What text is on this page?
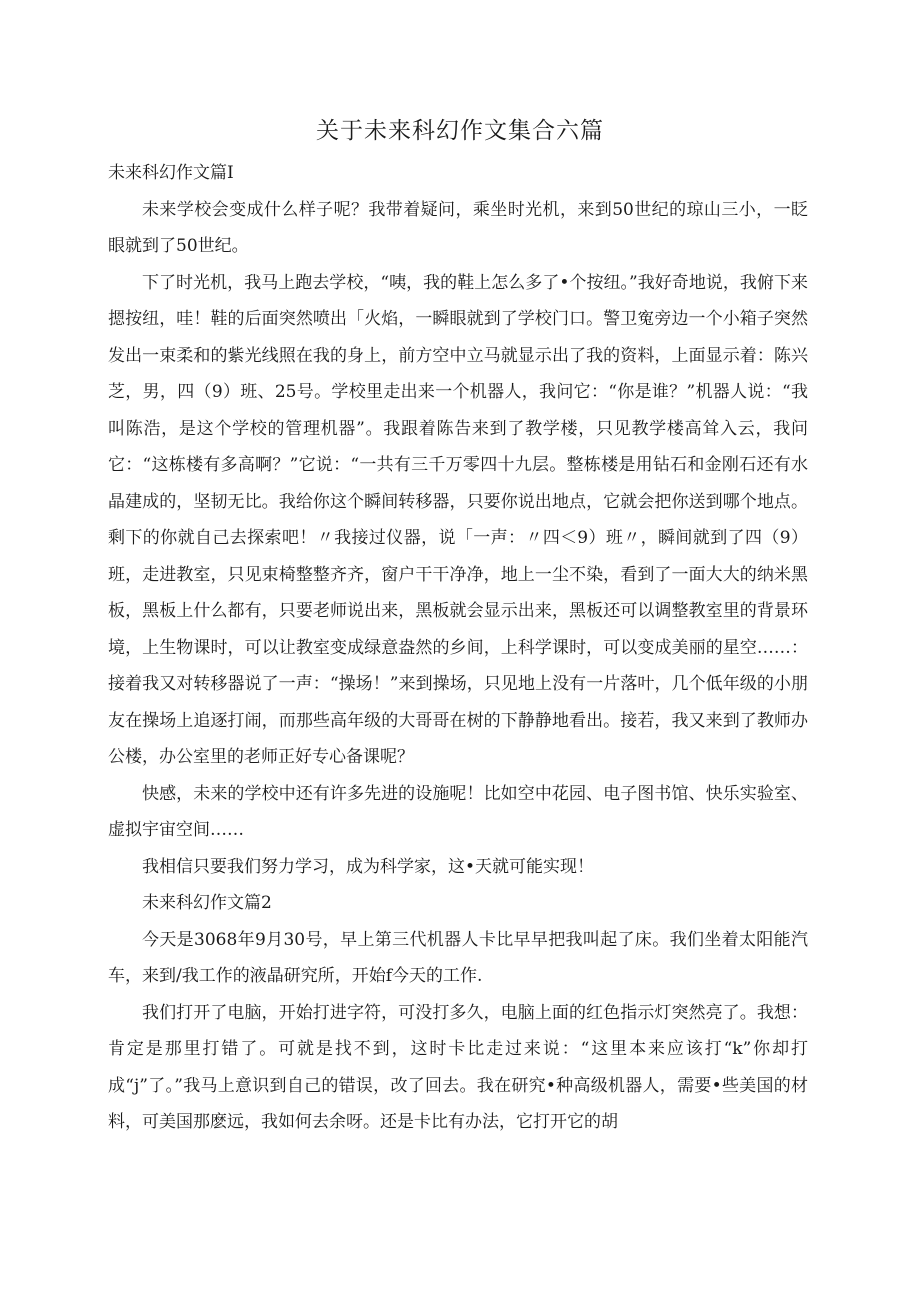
关于未来科幻作文集合六篇

未来科幻作文篇I

未来学校会变成什么样子呢？我带着疑问，乘坐时光机，来到50世纪的琼山三小，一眨眼就到了50世纪。

下了时光机，我马上跑去学校，“咦，我的鞋上怎么多了•个按纽。”我好奇地说，我俯下来摁按纽，哇！鞋的后面突然喷出「火焰，一瞬眼就到了学校门口。警卫寃旁边一个小箱子突然发出一束柔和的紫光线照在我的身上，前方空中立马就显示出了我的资料，上面显示着：陈兴芝，男，四（9）班、25号。学校里走出来一个机器人，我问它：“你是谁？”机器人说：“我叫陈浩，是这个学校的管理机器”。我跟着陈告来到了教学楼，只见教学楼高耸入云，我问它：“这栋楼有多高啊？”它说：“一共有三千万零四十九层。整栋楼是用钻石和金刚石还有水晶建成的，坚韧无比。我给你这个瞬间转移器，只要你说出地点，它就会把你送到哪个地点。剩下的你就自己去探索吧！〃我接过仪器，说「一声：〃四＜9）班〃，瞬间就到了四（9）班，走进教室，只见束椅整整齐齐，窗户干干净净，地上一尘不染，看到了一面大大的纳米黑板，黑板上什么都有，只要老师说出来，黑板就会显示出来，黑板还可以调整教室里的背景环境，上生物课时，可以让教室变成绿意盎然的乡间，上科学课时，可以变成美丽的星空……：接着我又对转移器说了一声：“操场！”来到操场，只见地上没有一片落叶，几个低年级的小朋友在操场上追逐打闹，而那些高年级的大哥哥在树的下静静地看出。接若，我又来到了教师办公楼，办公室里的老师正好专心备课呢？

快感，未来的学校中还有许多先进的设施呢！比如空中花园、电子图书馆、快乐实验室、虚拟宇宙空间……

我相信只要我们努力学习，成为科学家，这•天就可能实现！

未来科幻作文篇2

今天是3068年9月30号，早上第三代机器人卡比早早把我叫起了床。我们坐着太阳能汽车，来到/我工作的液晶研究所，开始f今天的工作.

我们打开了电脑，开始打进字符，可没打多久，电脑上面的红色指示灯突然亮了。我想：肯定是那里打错了。可就是找不到，这时卡比走过来说：“这里本来应该打“k”你却打成“j”了。”我马上意识到自己的错误，改了回去。我在研究•种高级机器人，需要•些美国的材料，可美国那麽远，我如何去余呀。还是卡比有办法，它打开它的胡
